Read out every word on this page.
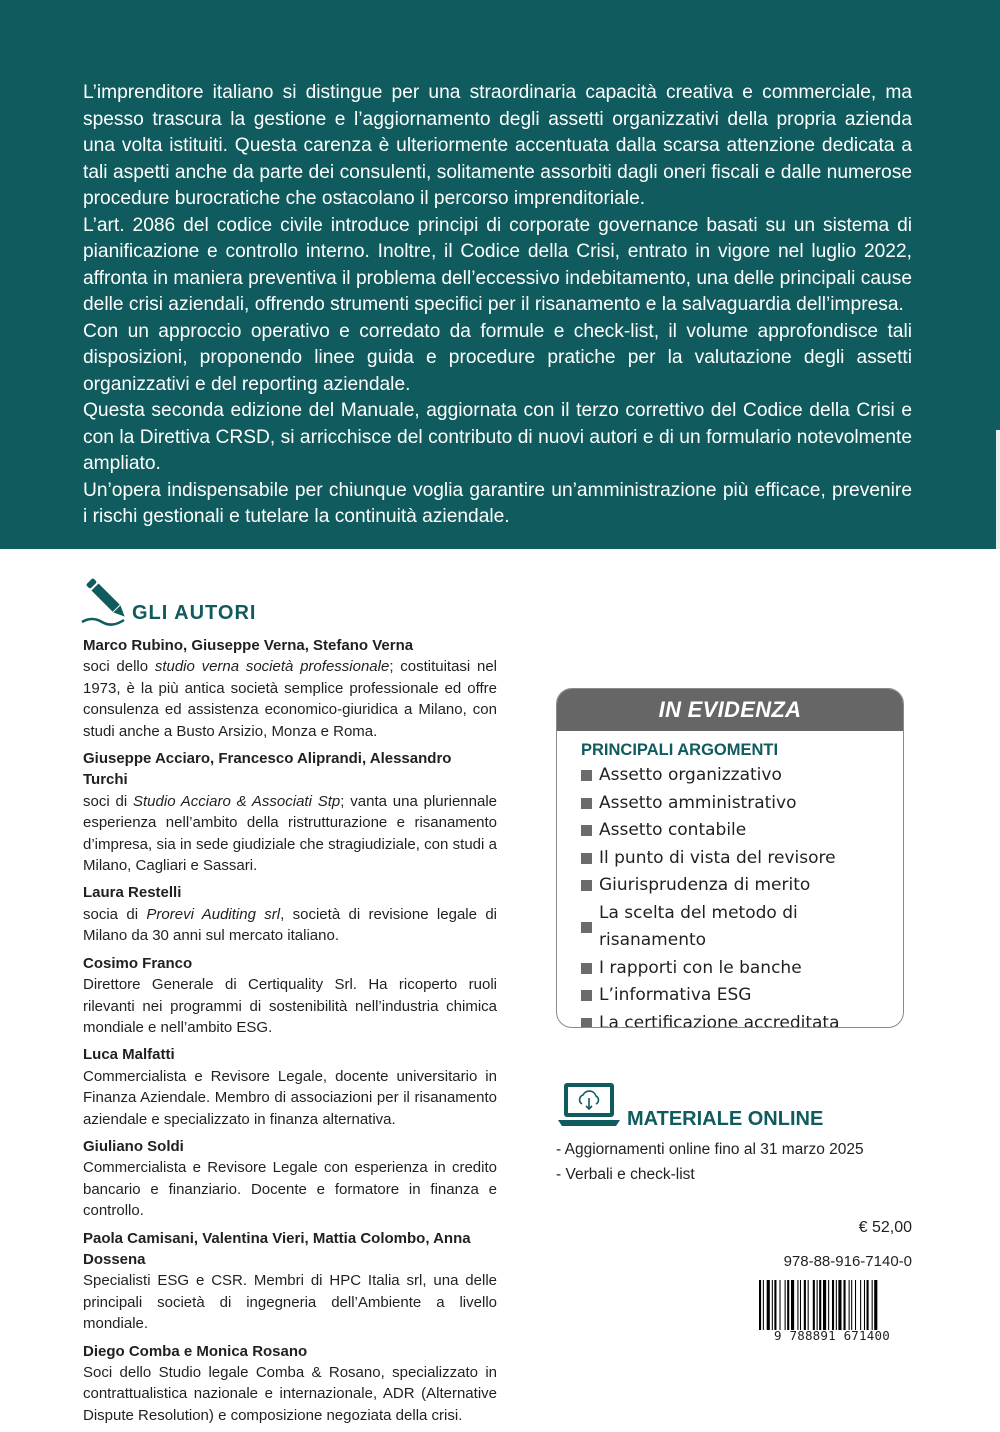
L’imprenditore italiano si distingue per una straordinaria capacità creativa e commerciale, ma spesso trascura la gestione e l’aggiornamento degli assetti organizzativi della propria azienda una volta istituiti. Questa carenza è ulteriormente accentuata dalla scarsa attenzione dedicata a tali aspetti anche da parte dei consulenti, solitamente assorbiti dagli oneri fiscali e dalle numerose procedure burocratiche che ostacolano il percorso imprenditoriale.

L’art. 2086 del codice civile introduce principi di corporate governance basati su un sistema di pianificazione e controllo interno. Inoltre, il Codice della Crisi, entrato in vigore nel luglio 2022, affronta in maniera preventiva il problema dell’eccessivo indebitamento, una delle principali cause delle crisi aziendali, offrendo strumenti specifici per il risanamento e la salvaguardia dell’impresa.

Con un approccio operativo e corredato da formule e check-list, il volume approfondisce tali disposizioni, proponendo linee guida e procedure pratiche per la valutazione degli assetti organizzativi e del reporting aziendale.

Questa seconda edizione del Manuale, aggiornata con il terzo correttivo del Codice della Crisi e con la Direttiva CRSD, si arricchisce del contributo di nuovi autori e di un formulario notevolmente ampliato.

Un’opera indispensabile per chiunque voglia garantire un’amministrazione più efficace, prevenire i rischi gestionali e tutelare la continuità aziendale.

GLI AUTORI
Marco Rubino, Giuseppe Verna, Stefano Verna
soci dello studio verna società professionale; costituitasi nel 1973, è la più antica società semplice professionale ed offre consulenza ed assistenza economico-giuridica a Milano, con studi anche a Busto Arsizio, Monza e Roma.
Giuseppe Acciaro, Francesco Aliprandi, Alessandro Turchi
soci di Studio Acciaro & Associati Stp; vanta una pluriennale esperienza nell’ambito della ristrutturazione e risanamento d’impresa, sia in sede giudiziale che stragiudiziale, con studi a Milano, Cagliari e Sassari.
Laura Restelli
socia di Prorevi Auditing srl, società di revisione legale di Milano da 30 anni sul mercato italiano.
Cosimo Franco
Direttore Generale di Certiquality Srl. Ha ricoperto ruoli rilevanti nei programmi di sostenibilità nell’industria chimica mondiale e nell’ambito ESG.
Luca Malfatti
Commercialista e Revisore Legale, docente universitario in Finanza Aziendale. Membro di associazioni per il risanamento aziendale e specializzato in finanza alternativa.
Giuliano Soldi
Commercialista e Revisore Legale con esperienza in credito bancario e finanziario. Docente e formatore in finanza e controllo.
Paola Camisani, Valentina Vieri, Mattia Colombo, Anna Dossena
Specialisti ESG e CSR. Membri di HPC Italia srl, una delle principali società di ingegneria dell’Ambiente a livello mondiale.
Diego Comba e Monica Rosano
Soci dello Studio legale Comba & Rosano, specializzato in contrattualistica nazionale e internazionale, ADR (Alternative Dispute Resolution) e composizione negoziata della crisi.
IN EVIDENZA
PRINCIPALI ARGOMENTI
Assetto organizzativo
Assetto amministrativo
Assetto contabile
Il punto di vista del revisore
Giurisprudenza di merito
La scelta del metodo di risanamento
I rapporti con le banche
L’informativa ESG
La certificazione accreditata
MATERIALE ONLINE
- Aggiornamenti online fino al 31 marzo 2025
- Verbali e check-list
€ 52,00
978-88-916-7140-0
9 788891 671400
